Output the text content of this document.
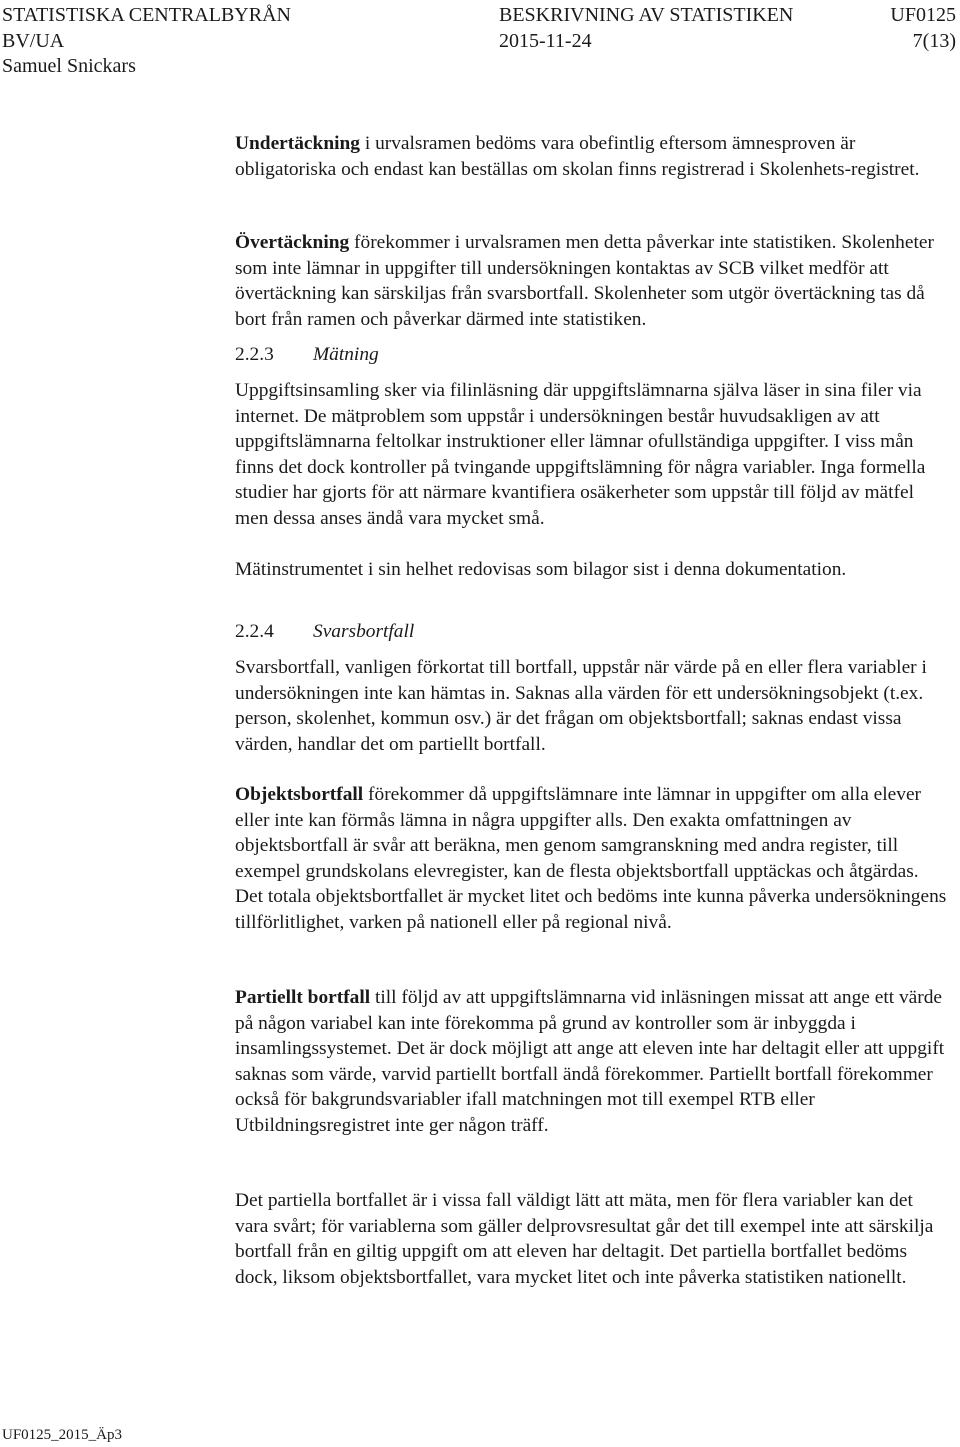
STATISTISKA CENTRALBYRÅN	BESKRIVNING AV STATISTIKEN	UF0125
BV/UA	2015-11-24	7(13)
Samuel Snickars

Undertäckning i urvalsramen bedöms vara obefintlig eftersom ämnesproven är obligatoriska och endast kan beställas om skolan finns registrerad i Skolenhets-registret.

Övertäckning förekommer i urvalsramen men detta påverkar inte statistiken. Skolenheter som inte lämnar in uppgifter till undersökningen kontaktas av SCB vilket medför att övertäckning kan särskiljas från svarsbortfall. Skolenheter som utgör övertäckning tas då bort från ramen och påverkar därmed inte statistiken.

2.2.3 Mätning

Uppgiftsinsamling sker via filinläsning där uppgiftslämnarna själva läser in sina filer via internet. De mätproblem som uppstår i undersökningen består huvudsakligen av att uppgiftslämnarna feltolkar instruktioner eller lämnar ofullständiga uppgifter. I viss mån finns det dock kontroller på tvingande uppgiftslämning för några variabler. Inga formella studier har gjorts för att närmare kvantifiera osäkerheter som uppstår till följd av mätfel men dessa anses ändå vara mycket små.

Mätinstrumentet i sin helhet redovisas som bilagor sist i denna dokumentation.

2.2.4 Svarsbortfall

Svarsbortfall, vanligen förkortat till bortfall, uppstår när värde på en eller flera variabler i undersökningen inte kan hämtas in. Saknas alla värden för ett undersökningsobjekt (t.ex. person, skolenhet, kommun osv.) är det frågan om objektsbortfall; saknas endast vissa värden, handlar det om partiellt bortfall.

Objektsbortfall förekommer då uppgiftslämnare inte lämnar in uppgifter om alla elever eller inte kan förmås lämna in några uppgifter alls. Den exakta omfattningen av objektsbortfall är svår att beräkna, men genom samgranskning med andra register, till exempel grundskolans elevregister, kan de flesta objektsbortfall upptäckas och åtgärdas. Det totala objektsbortfallet är mycket litet och bedöms inte kunna påverka undersökningens tillförlitlighet, varken på nationell eller på regional nivå.

Partiellt bortfall till följd av att uppgiftslämnarna vid inläsningen missat att ange ett värde på någon variabel kan inte förekomma på grund av kontroller som är inbyggda i insamlingssystemet. Det är dock möjligt att ange att eleven inte har deltagit eller att uppgift saknas som värde, varvid partiellt bortfall ändå förekommer. Partiellt bortfall förekommer också för bakgrundsvariabler ifall matchningen mot till exempel RTB eller Utbildningsregistret inte ger någon träff.

Det partiella bortfallet är i vissa fall väldigt lätt att mäta, men för flera variabler kan det vara svårt; för variablerna som gäller delprovsresultat går det till exempel inte att särskilja bortfall från en giltig uppgift om att eleven har deltagit. Det partiella bortfallet bedöms dock, liksom objektsbortfallet, vara mycket litet och inte påverka statistiken nationellt.

UF0125_2015_Äp3
